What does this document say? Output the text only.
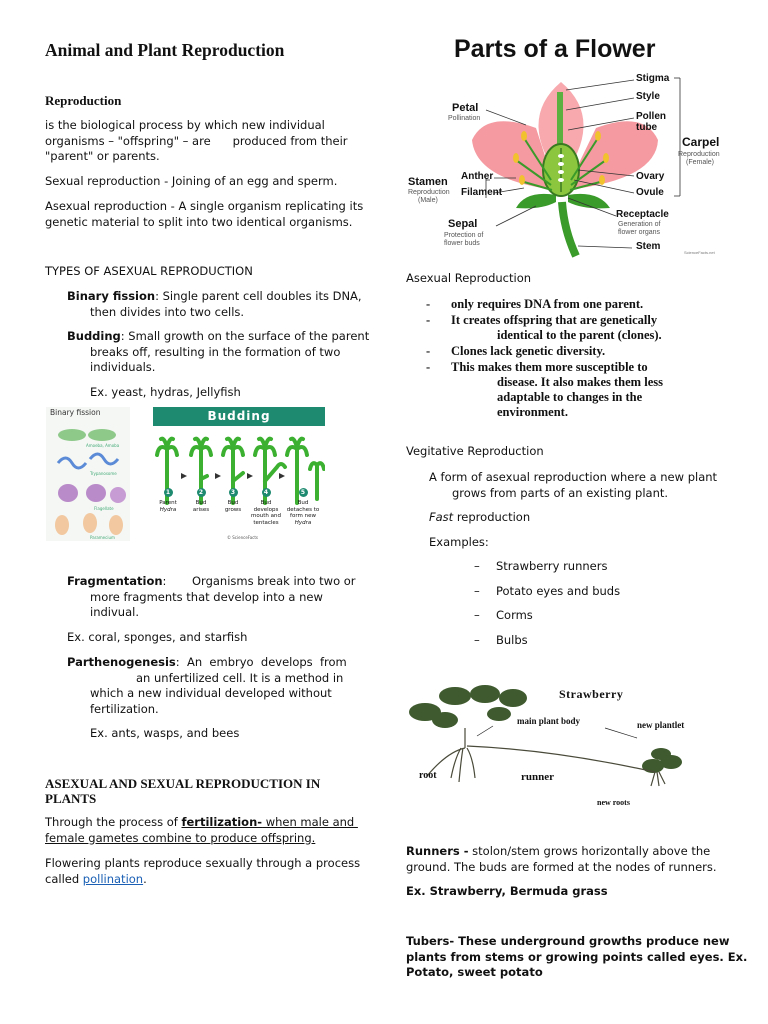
Animal and Plant Reproduction
Reproduction

is the biological process by which new individual

organisms – "offspring" – are      produced from their

"parent" or parents.

Sexual reproduction - Joining of an egg and sperm.

Asexual reproduction - A single organism replicating its

genetic material to split into two identical organisms.

TYPES OF ASEXUAL REPRODUCTION

Binary fission: Single parent cell doubles its DNA,

then divides into two cells.

Budding: Small growth on the surface of the parent

breaks off, resulting in the formation of two

individuals.

Ex. yeast, hydras, Jellyfish

Binary fission
Amoeba, Amoba
Trypanosome
Flagellate
Paramecium
Budding
1
Parent
Hydra
2
Bud
arises
3
Bud
grows
4
Bud
develops
mouth and
tentacles
5
Bud
detaches to
form new
Hydra
© ScienceFacts

Fragmentation:       Organisms break into two or

more fragments that develop into a new

indivual.

Ex. coral, sponges, and starfish

Parthenogenesis:  An  embryo  develops  from

an unfertilized cell. It is a method in

which a new individual developed without

fertilization.

Ex. ants, wasps, and bees

ASEXUAL AND SEXUAL REPRODUCTION IN

PLANTS

Through the process of fertilization- when male and

female gametes combine to produce offspring.

Flowering plants reproduce sexually through a process

called pollination.

Parts of a Flower
Petal
Pollination
Stamen
Reproduction
(Male)
Anther
Filament
Sepal
Protection of
flower buds
Stigma
Style
Pollen
tube
Carpel
Reproduction
(Female)
Ovary
Ovule
Receptacle
Generation of
flower organs
Stem
ScienceFacts.net

Asexual Reproduction

- only requires DNA from one parent.

- It creates offspring that are genetically

identical to the parent (clones).

- Clones lack genetic diversity.

- This makes them more susceptible to

disease. It also makes them less

adaptable to changes in the

environment.

Vegitative Reproduction

A form of asexual reproduction where a new plant

grows from parts of an existing plant.

Fast reproduction

Examples:

– Strawberry runners

– Potato eyes and buds

– Corms

– Bulbs

Strawberry
main plant body	new plantlet
root	runner
new roots

Runners - stolon/stem grows horizontally above the

ground. The buds are formed at the nodes of runners.

Ex. Strawberry, Bermuda grass

Tubers- These underground growths produce new

plants from stems or growing points called eyes. Ex.

Potato, sweet potato
